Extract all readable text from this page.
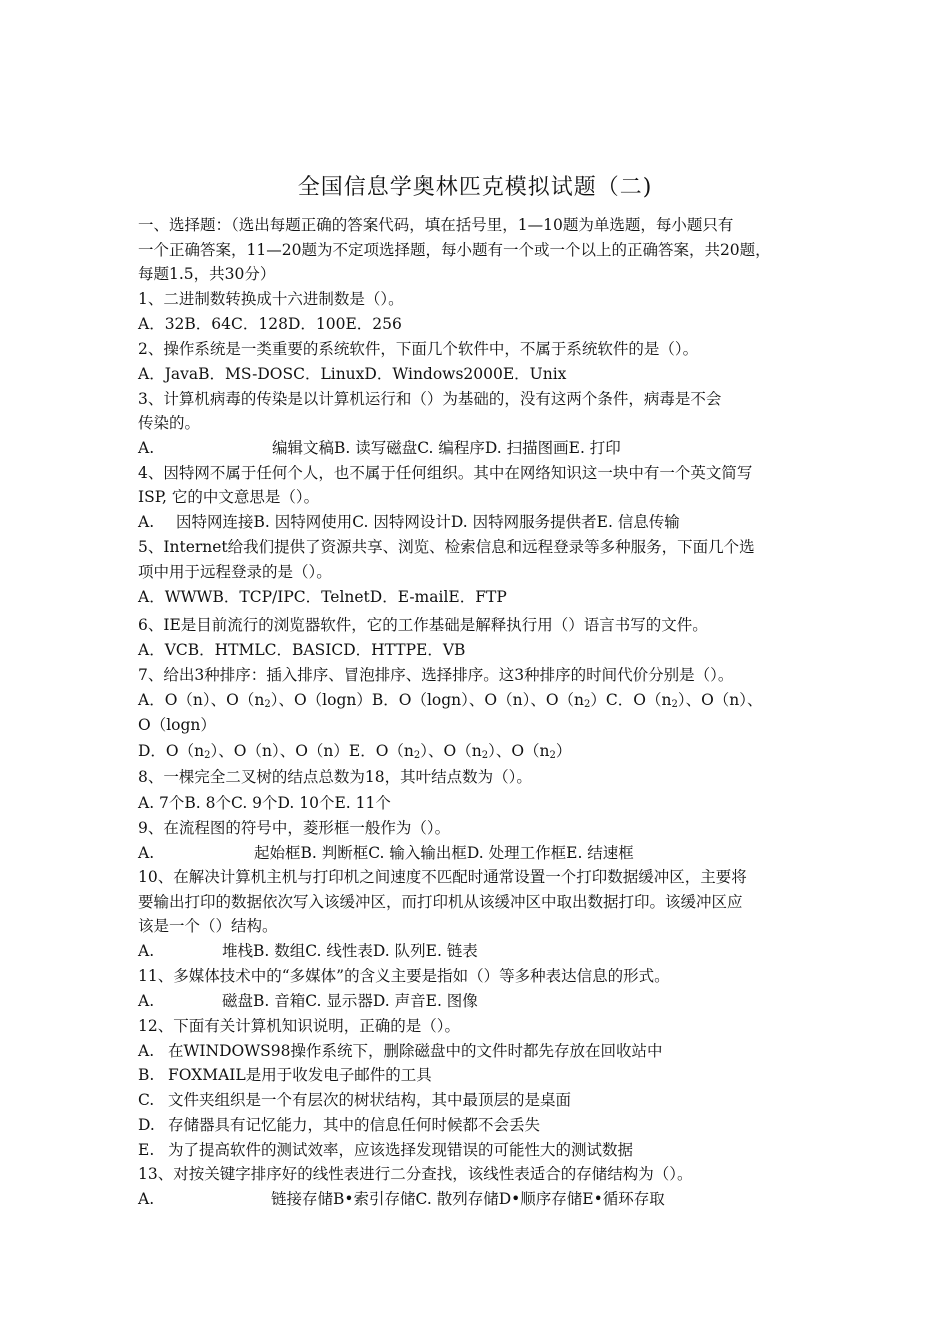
全国信息学奥林匹克模拟试题（二)
一、选择题：（选出每题正确的答案代码，填在括号里，1—10题为单选题，每小题只有
一个正确答案，11—20题为不定项选择题，每小题有一个或一个以上的正确答案，共20题，
每题1.5，共30分）
1、二进制数转换成十六进制数是（）。
A．32B．64C．128D．100E．256
2、操作系统是一类重要的系统软件，下面几个软件中，不属于系统软件的是（）。
A．JavaB．MS-DOSC．LinuxD．Windows2000E．Unix
3、计算机病毒的传染是以计算机运行和（）为基础的，没有这两个条件，病毒是不会
传染的。
A.	编辑文稿B. 读写磁盘C. 编程序D. 扫描图画E. 打印
4、因特网不属于任何个人，也不属于任何组织。其中在网络知识这一块中有一个英文简写
ISP, 它的中文意思是（）。
A. 因特网连接B. 因特网使用C. 因特网设计D. 因特网服务提供者E. 信息传输
5、Internet给我们提供了资源共享、浏览、检索信息和远程登录等多种服务，下面几个选
项中用于远程登录的是（）。
A．WWWB．TCP/IPC．TelnetD．E-mailE．FTP
6、IE是目前流行的浏览器软件，它的工作基础是解释执行用（）语言书写的文件。
A．VCB．HTMLC．BASICD．HTTPE．VB
7、给出3种排序：插入排序、冒泡排序、选择排序。这3种排序的时间代价分别是（）。
A．O（n）、$O(n_2)$、O（logn）B．O（logn）、O（n）、$O(n_2)C$．$O(n_2)$、O（n）、
O（logn）
D．$O(n_2)$、O（n）、O（n）E．$O(n_2)$、$O(n_2)$、$O(n_2)$
8、一棵完全二叉树的结点总数为18，其叶结点数为（）。
A. 7个B. 8个C. 9个D. 10个E. 11个
9、在流程图的符号中，菱形框一般作为（）。
A.	起始框B. 判断框C. 输入输出框D. 处理工作框E. 结速框
10、在解决计算机主机与打印机之间速度不匹配时通常设置一个打印数据缓冲区，主要将
要输出打印的数据依次写入该缓冲区，而打印机从该缓冲区中取出数据打印。该缓冲区应
该是一个（）结构。
A.	堆栈B. 数组C. 线性表D. 队列E. 链表
11、多媒体技术中的“多媒体”的含义主要是指如（）等多种表达信息的形式。
A.	磁盘B. 音箱C. 显示器D. 声音E. 图像
12、下面有关计算机知识说明，正确的是（）。
A. 在WINDOWS98操作系统下，删除磁盘中的文件时都先存放在回收站中
B. FOXMAIL是用于收发电子邮件的工具
C. 文件夹组织是一个有层次的树状结构，其中最顶层的是桌面
D. 存储器具有记忆能力，其中的信息任何时候都不会丢失
E. 为了提高软件的测试效率，应该选择发现错误的可能性大的测试数据
13、对按关键字排序好的线性表进行二分查找，该线性表适合的存储结构为（）。
A.	链接存储B•索引存储C. 散列存储D•顺序存储E•循环存取
